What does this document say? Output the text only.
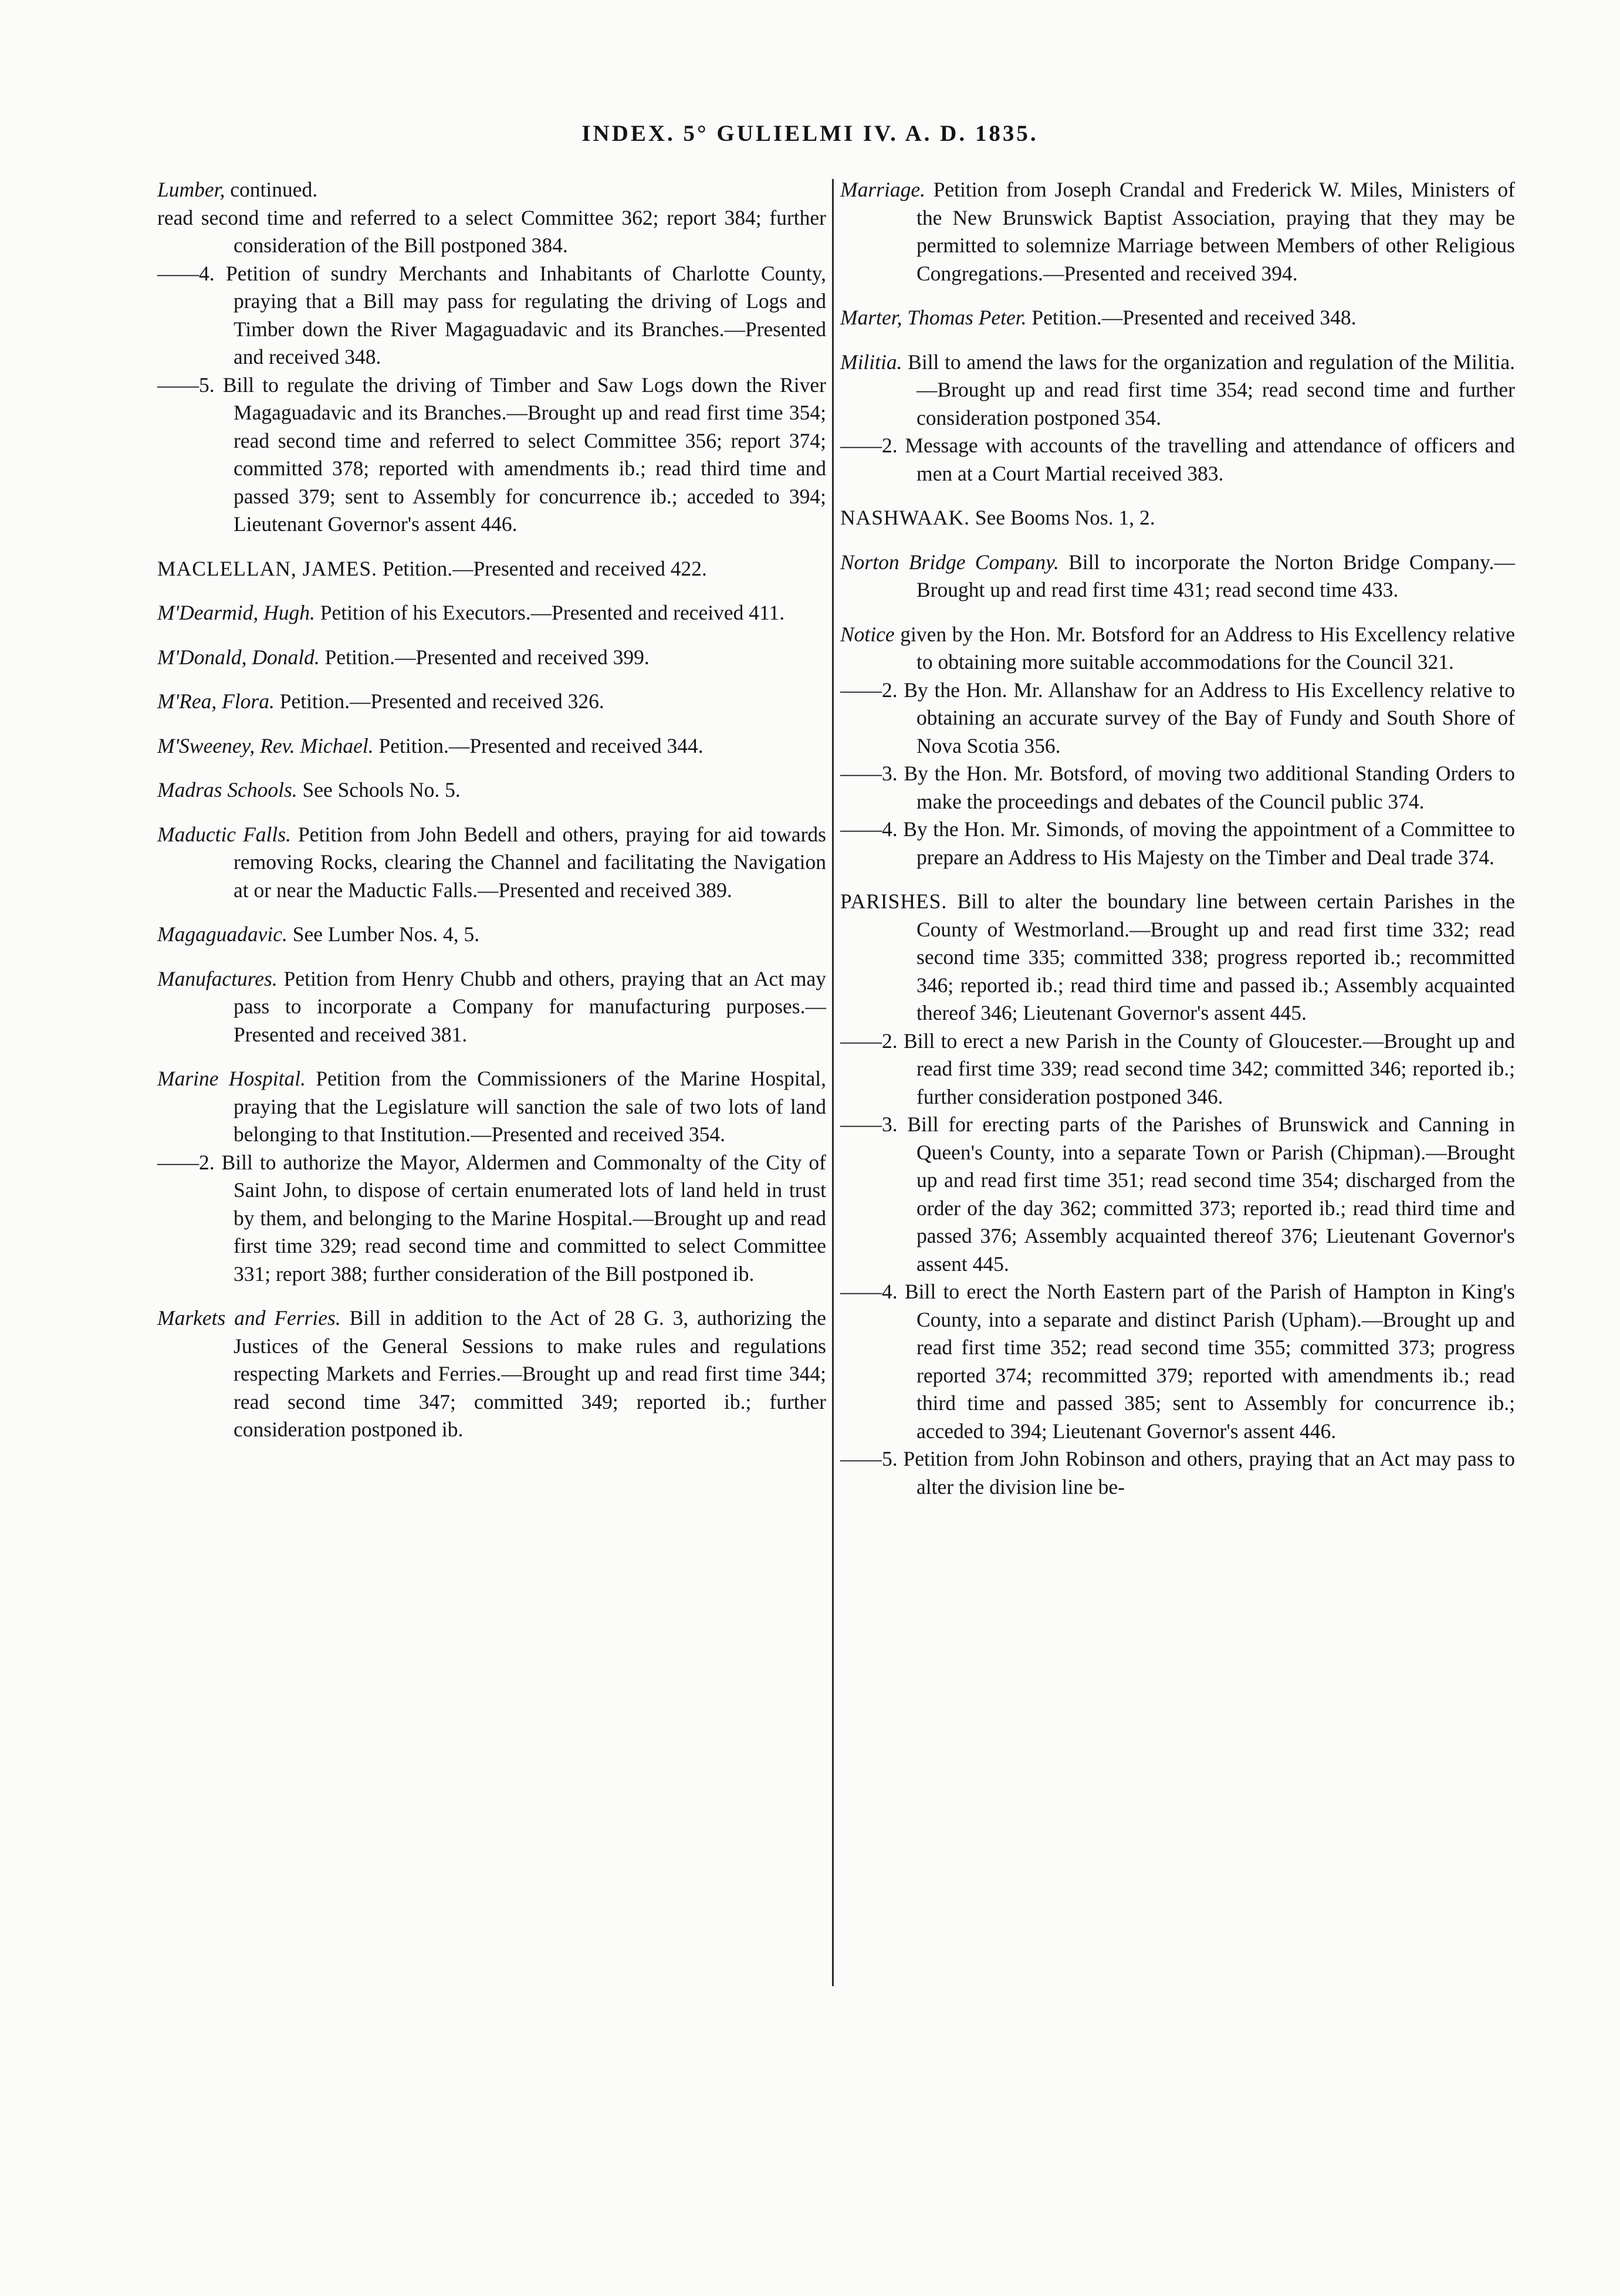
INDEX. 5° GULIELMI IV. A. D. 1835.
Lumber, continued.
read second time and referred to a select Committee 362; report 384; further consideration of the Bill postponed 384.
——4. Petition of sundry Merchants and Inhabitants of Charlotte County, praying that a Bill may pass for regulating the driving of Logs and Timber down the River Magaguadavic and its Branches.—Presented and received 348.
——5. Bill to regulate the driving of Timber and Saw Logs down the River Magaguadavic and its Branches.—Brought up and read first time 354; read second time and referred to select Committee 356; report 374; committed 378; reported with amendments ib.; read third time and passed 379; sent to Assembly for concurrence ib.; acceded to 394; Lieutenant Governor's assent 446.
MACLELLAN, JAMES. Petition.—Presented and received 422.
M'Dearmid, Hugh. Petition of his Executors.—Presented and received 411.
M'Donald, Donald. Petition.—Presented and received 399.
M'Rea, Flora. Petition.—Presented and received 326.
M'Sweeney, Rev. Michael. Petition.—Presented and received 344.
Madras Schools. See Schools No. 5.
Maductic Falls. Petition from John Bedell and others, praying for aid towards removing Rocks, clearing the Channel and facilitating the Navigation at or near the Maductic Falls.—Presented and received 389.
Magaguadavic. See Lumber Nos. 4, 5.
Manufactures. Petition from Henry Chubb and others, praying that an Act may pass to incorporate a Company for manufacturing purposes.—Presented and received 381.
Marine Hospital. Petition from the Commissioners of the Marine Hospital, praying that the Legislature will sanction the sale of two lots of land belonging to that Institution.—Presented and received 354.
——2. Bill to authorize the Mayor, Aldermen and Commonalty of the City of Saint John, to dispose of certain enumerated lots of land held in trust by them, and belonging to the Marine Hospital.—Brought up and read first time 329; read second time and committed to select Committee 331; report 388; further consideration of the Bill postponed ib.
Markets and Ferries. Bill in addition to the Act of 28 G. 3, authorizing the Justices of the General Sessions to make rules and regulations respecting Markets and Ferries.—Brought up and read first time 344; read second time 347; committed 349; reported ib.; further consideration postponed ib.
Marriage. Petition from Joseph Crandal and Frederick W. Miles, Ministers of the New Brunswick Baptist Association, praying that they may be permitted to solemnize Marriage between Members of other Religious Congregations.—Presented and received 394.
Marter, Thomas Peter. Petition.—Presented and received 348.
Militia. Bill to amend the laws for the organization and regulation of the Militia.—Brought up and read first time 354; read second time and further consideration postponed 354.
——2. Message with accounts of the travelling and attendance of officers and men at a Court Martial received 383.
NASHWAAK. See Booms Nos. 1, 2.
Norton Bridge Company. Bill to incorporate the Norton Bridge Company.—Brought up and read first time 431; read second time 433.
Notice given by the Hon. Mr. Botsford for an Address to His Excellency relative to obtaining more suitable accommodations for the Council 321.
——2. By the Hon. Mr. Allanshaw for an Address to His Excellency relative to obtaining an accurate survey of the Bay of Fundy and South Shore of Nova Scotia 356.
——3. By the Hon. Mr. Botsford, of moving two additional Standing Orders to make the proceedings and debates of the Council public 374.
——4. By the Hon. Mr. Simonds, of moving the appointment of a Committee to prepare an Address to His Majesty on the Timber and Deal trade 374.
PARISHES. Bill to alter the boundary line between certain Parishes in the County of Westmorland.—Brought up and read first time 332; read second time 335; committed 338; progress reported ib.; recommitted 346; reported ib.; read third time and passed ib.; Assembly acquainted thereof 346; Lieutenant Governor's assent 445.
——2. Bill to erect a new Parish in the County of Gloucester.—Brought up and read first time 339; read second time 342; committed 346; reported ib.; further consideration postponed 346.
——3. Bill for erecting parts of the Parishes of Brunswick and Canning in Queen's County, into a separate Town or Parish (Chipman).—Brought up and read first time 351; read second time 354; discharged from the order of the day 362; committed 373; reported ib.; read third time and passed 376; Assembly acquainted thereof 376; Lieutenant Governor's assent 445.
——4. Bill to erect the North Eastern part of the Parish of Hampton in King's County, into a separate and distinct Parish (Upham).—Brought up and read first time 352; read second time 355; committed 373; progress reported 374; recommitted 379; reported with amendments ib.; read third time and passed 385; sent to Assembly for concurrence ib.; acceded to 394; Lieutenant Governor's assent 446.
——5. Petition from John Robinson and others, praying that an Act may pass to alter the division line be-
